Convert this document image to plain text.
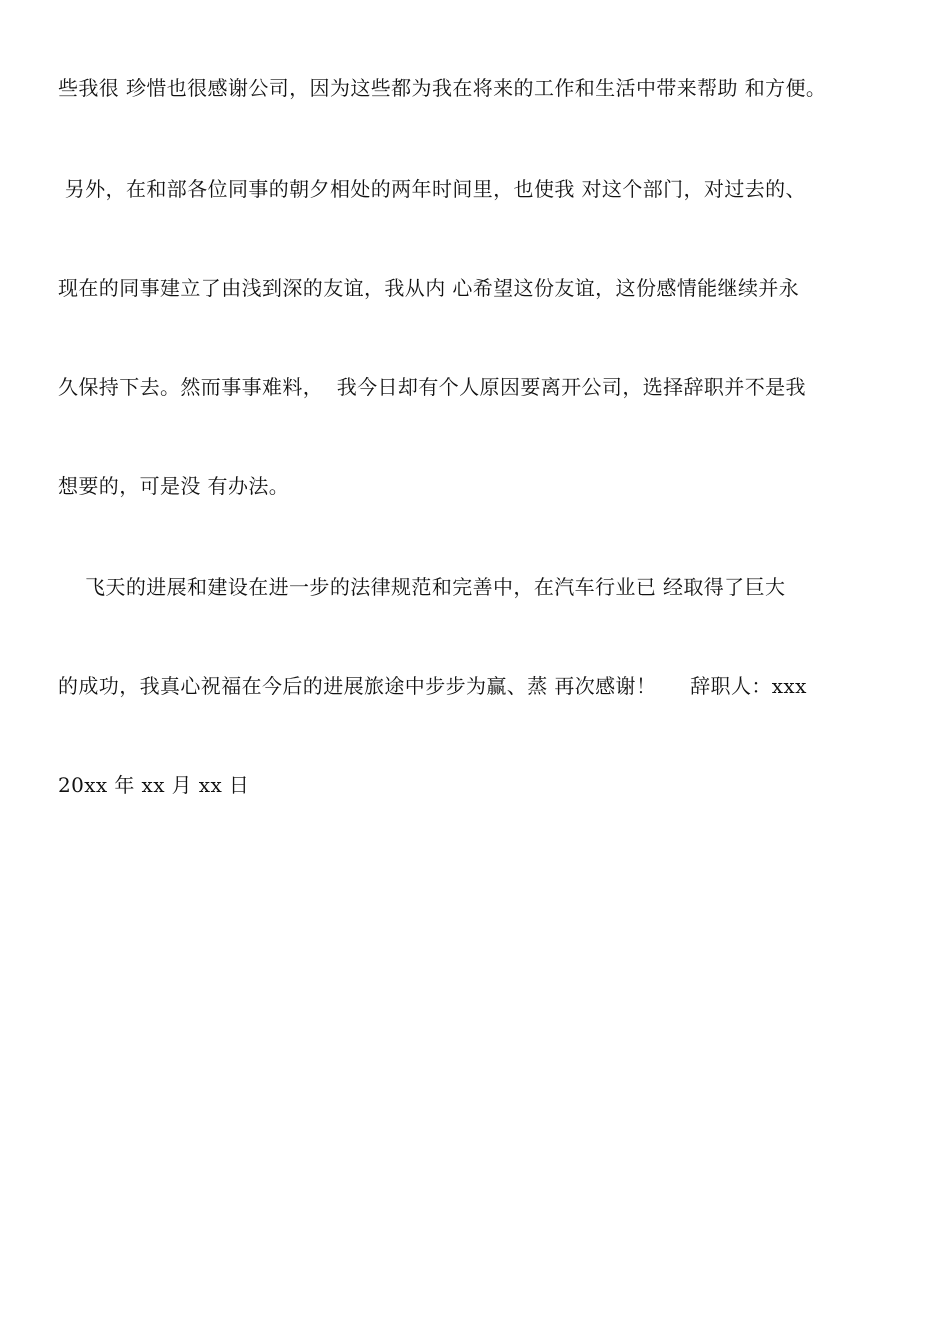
些我很 珍惜也很感谢公司，因为这些都为我在将来的工作和生活中带来帮助 和方便。
另外，在和部各位同事的朝夕相处的两年时间里，也使我 对这个部门，对过去的、
现在的同事建立了由浅到深的友谊，我从内 心希望这份友谊，这份感情能继续并永
久保持下去。然而事事难料，  我今日却有个人原因要离开公司，选择辞职并不是我
想要的，可是没 有办法。
飞天的进展和建设在进一步的法律规范和完善中，在汽车行业已 经取得了巨大
的成功，我真心祝福在今后的进展旅途中步步为赢、蒸 再次感谢！     辞职人：xxx
20xx 年 xx 月 xx 日
